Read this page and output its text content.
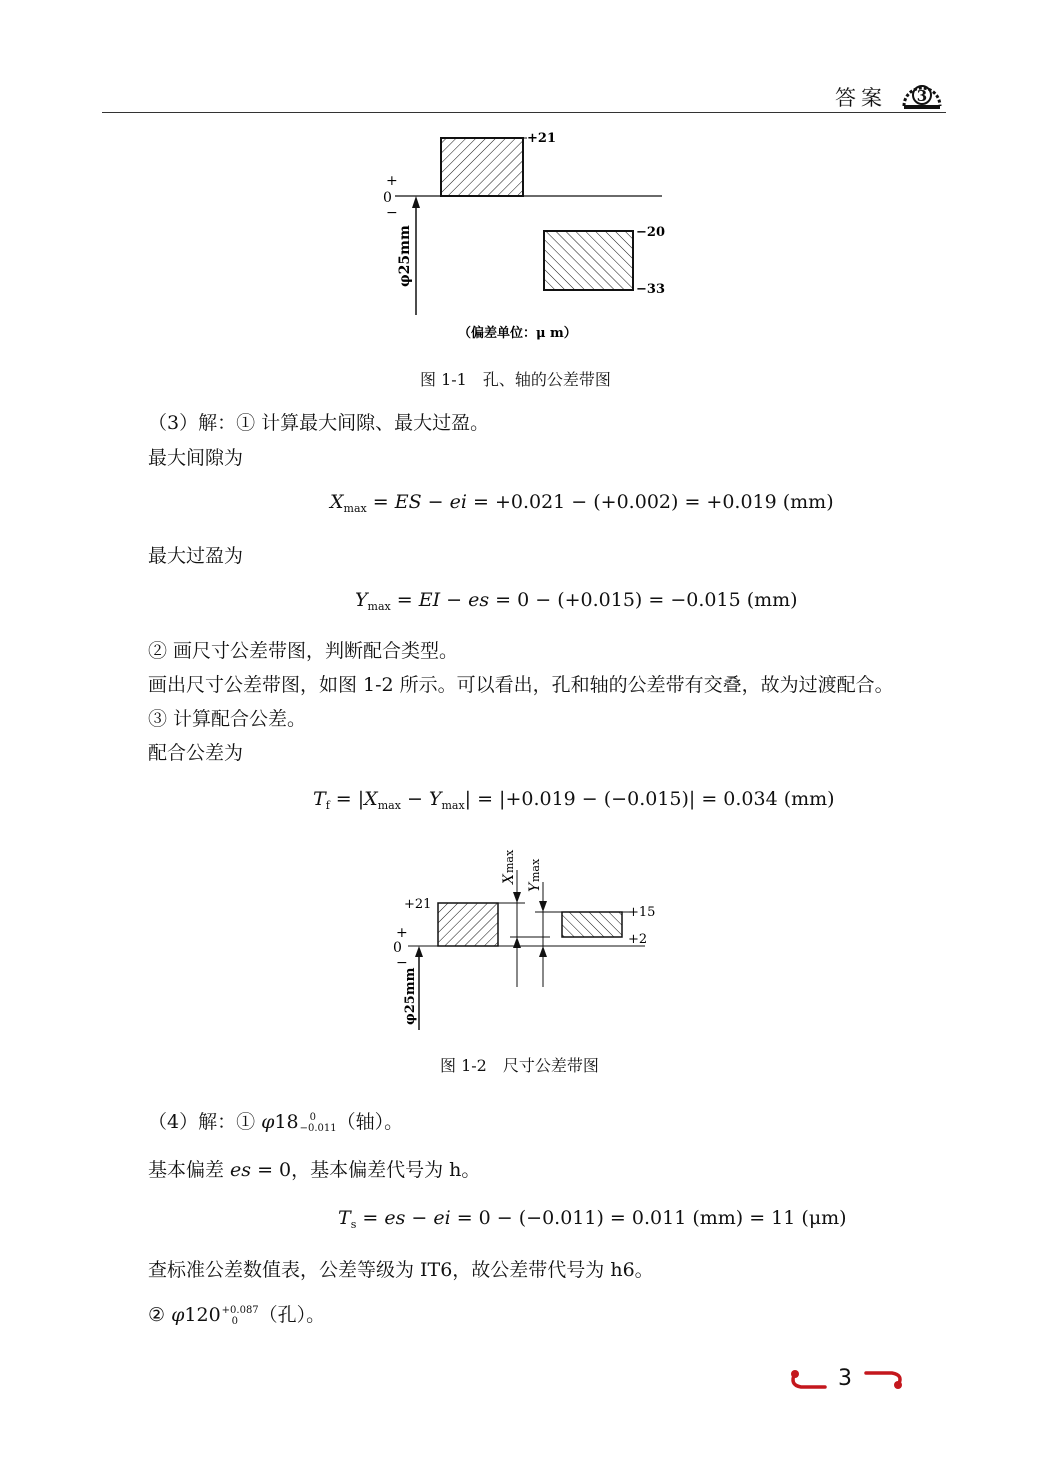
答案 3
+
0
−
+21
−20
−33
φ25mm
（偏差单位：μ m）
图 1-1　孔、轴的公差带图
（3）解：① 计算最大间隙、最大过盈。
最大间隙为
$X_{max}$ = ES − ei = +0.021 − (+0.002) = +0.019 (mm)
最大过盈为
$Y_{max}$ = EI − es = 0 − (+0.015) = −0.015 (mm)
② 画尺寸公差带图，判断配合类型。
画出尺寸公差带图，如图 1-2 所示。可以看出，孔和轴的公差带有交叠，故为过渡配合。
③ 计算配合公差。
配合公差为
$T_f = |X_{max} - Y_{max}| = |+0.019 - (-0.015)| = 0.034$ (mm)
+
0
−
+21
+15
+2
X
max
Y
max
φ25mm
图 1-2　尺寸公差带图
（4）解：① φ18	0
−0.011 （轴）。
基本偏差 es = 0，基本偏差代号为 h。
$T_s$ = es − ei = 0 − (−0.011) = 0.011 (mm) = 11 (μm)
查标准公差数值表，公差等级为 IT6，故公差带代号为 h6。
② φ120 +0.087
0	（孔）。
3
